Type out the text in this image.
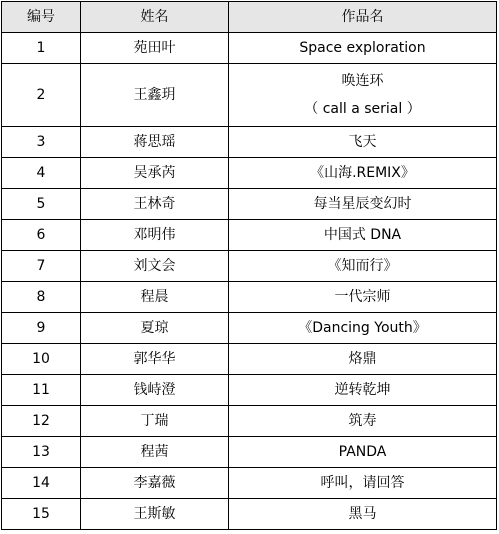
编号	姓名	作品名
1	苑田叶	Space exploration
2	王鑫玥	唤连环
（ call a serial ）

3	蒋思瑶	飞天
4	吴承芮	《山海.REMIX》
5	王林奇	每当星辰变幻时
6	邓明伟	中国式 DNA
7	刘文会	《知而行》
8	程晨	一代宗师
9	夏琼	《Dancing Youth》
10	郭华华	烙鼎
11	钱峙澄	逆转乾坤
12	丁瑞	筑寿
13	程茜	PANDA
14	李嘉薇	呼叫，请回答
15	王斯敏	黑马
